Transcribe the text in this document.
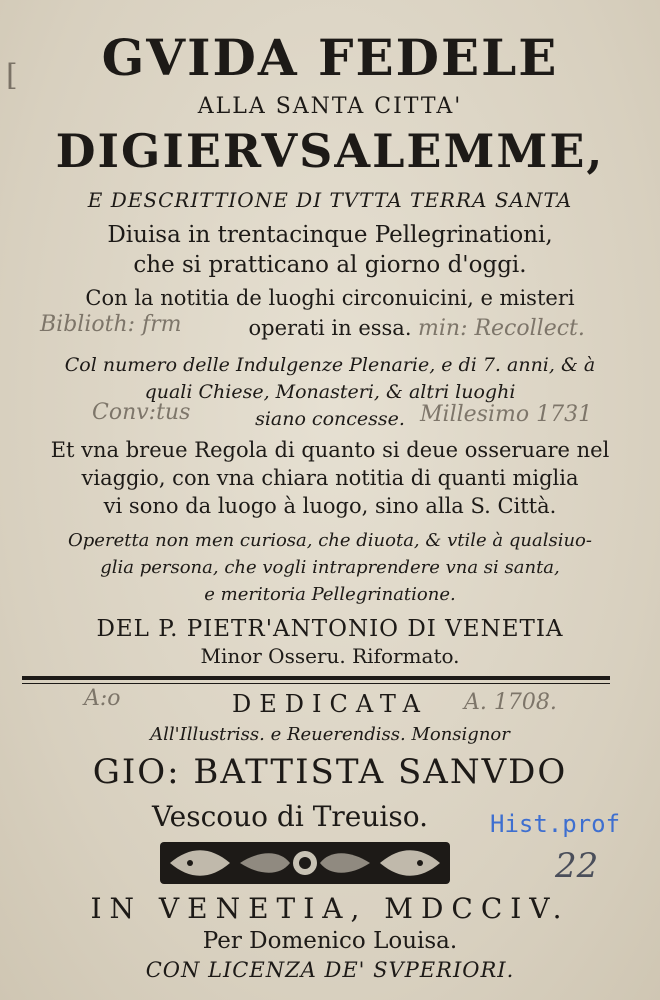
GVIDA FEDELE
ALLA SANTA CITTA'
DIGIERVSALEMME,
E DESCRITTIONE DI TVTTA TERRA SANTA
Diuisa in trentacinque Pellegrinationi,
che si pratticano al giorno d'oggi.
Con la notitia de luoghi circonuicini, e misteri
operati in essa.
Col numero delle Indulgenze Plenarie, e di 7. anni, & à
quali Chiese, Monasteri, & altri luoghi
siano concesse.
Et vna breue Regola di quanto si deue osseruare nel
viaggio, con vna chiara notitia di quanti miglia
vi sono da luogo à luogo, sino alla S. Città.
Operetta non men curiosa, che diuota, & vtile à qualsiuo-
glia persona, che vogli intraprendere vna si santa,
e meritoria Pellegrinatione.
DEL P. PIETR'ANTONIO DI VENETIA
Minor Osseru. Riformato.
DEDICATA
All'Illustriss. e Reuerendiss. Monsignor
GIO: BATTISTA SANVDO
Vescouo di Treuiso.
IN VENETIA, MDCCIV.
Per Domenico Louisa.
CON LICENZA DE' SVPERIORI.
Biblioth: frm	min: Recollect.
Conv:tus	Millesimo 1731
A:o	A. 1708.
[
Hist.prof
22
